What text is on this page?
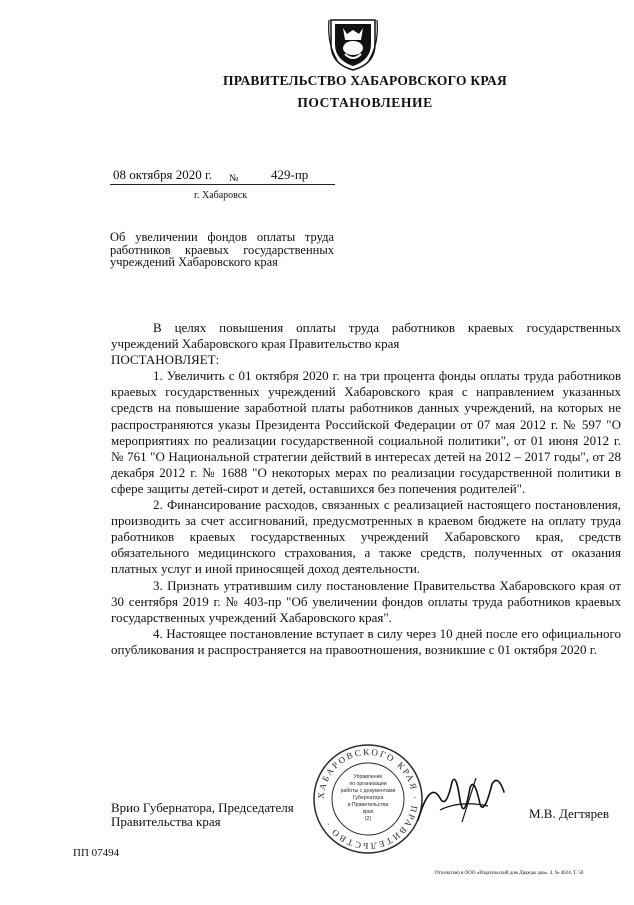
ПРАВИТЕЛЬСТВО ХАБАРОВСКОГО КРАЯ
ПОСТАНОВЛЕНИЕ
08 октября 2020 г. № 429-пр
г. Хабаровск
Об увеличении фондов оплаты труда работников краевых государственных учреждений Хабаровского края

В целях повышения оплаты труда работников краевых государственных учреждений Хабаровского края Правительство края

ПОСТАНОВЛЯЕТ:

1. Увеличить с 01 октября 2020 г. на три процента фонды оплаты труда работников краевых государственных учреждений Хабаровского края с направлением указанных средств на повышение заработной платы работников данных учреждений, на которых не распространяются указы Президента Российской Федерации от 07 мая 2012 г. № 597 "О мероприятиях по реализации государственной социальной политики", от 01 июня 2012 г. № 761 "О Национальной стратегии действий в интересах детей на 2012 – 2017 годы", от 28 декабря 2012 г. № 1688 "О некоторых мерах по реализации государственной политики в сфере защиты детей-сирот и детей, оставшихся без попечения родителей".

2. Финансирование расходов, связанных с реализацией настоящего постановления, производить за счет ассигнований, предусмотренных в краевом бюджете на оплату труда работников краевых государственных учреждений Хабаровского края, средств обязательного медицинского страхования, а также средств, полученных от оказания платных услуг и иной приносящей доход деятельности.

3. Признать утратившим силу постановление Правительства Хабаровского края от 30 сентября 2019 г. № 403-пр "Об увеличении фондов оплаты труда работников краевых государственных учреждений Хабаровского края".

4. Настоящее постановление вступает в силу через 10 дней после его официального опубликования и распространяется на правоотношения, возникшие с 01 октября 2020 г.

ХАБАРОВСКОГО КРАЯ · ПРАВИТЕЛЬСТВО ·
Управление
по организации
работы с документами
Губернатора
и Правительства
края
(2)
Врио Губернатора, Председателя
Правительства края
М.В. Дегтярев
ПП 07494
Отпечатано в ООО «Издательский дом Дважды два». З. № 4624. Т. 50
